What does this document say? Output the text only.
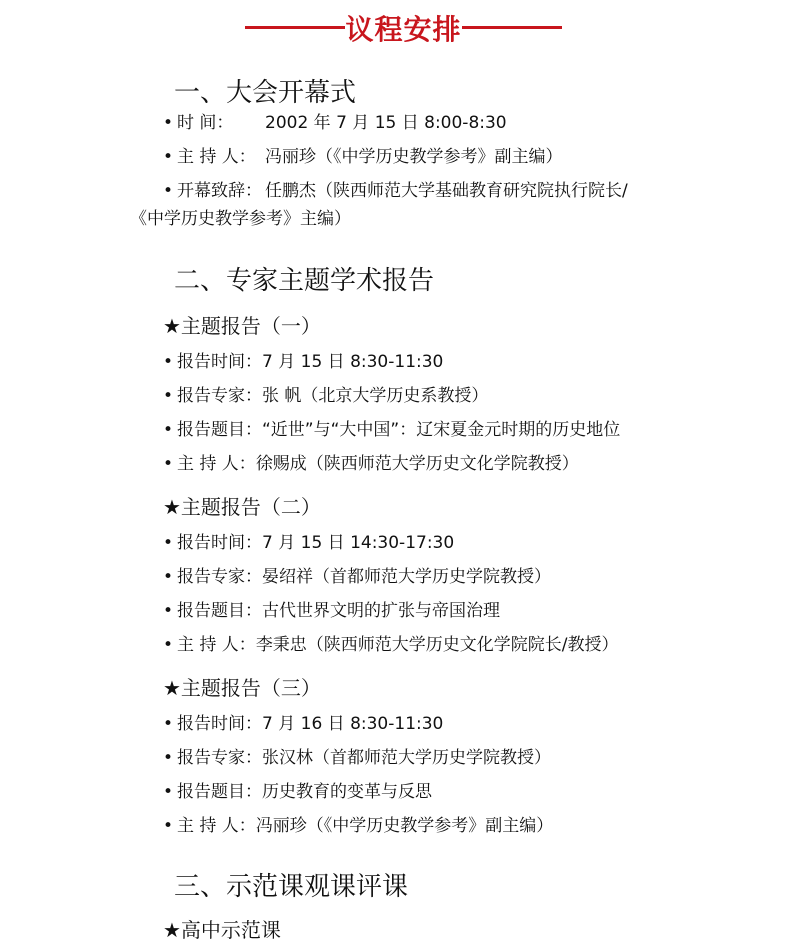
议程安排
一、大会开幕式
• 时 间： 2002 年 7 月 15 日 8:00-8:30
• 主 持 人： 冯丽珍（《中学历史教学参考》副主编）
• 开幕致辞： 任鹏杰（陕西师范大学基础教育研究院执行院长/
《中学历史教学参考》主编）
二、专家主题学术报告
★主题报告（一）
• 报告时间：7 月 15 日 8:30-11:30
• 报告专家：张 帆（北京大学历史系教授）
• 报告题目：“近世”与“大中国”：辽宋夏金元时期的历史地位
• 主 持 人：徐赐成（陕西师范大学历史文化学院教授）
★主题报告（二）
• 报告时间：7 月 15 日 14:30-17:30
• 报告专家：晏绍祥（首都师范大学历史学院教授）
• 报告题目：古代世界文明的扩张与帝国治理
• 主 持 人：李秉忠（陕西师范大学历史文化学院院长/教授）
★主题报告（三）
• 报告时间：7 月 16 日 8:30-11:30
• 报告专家：张汉林（首都师范大学历史学院教授）
• 报告题目：历史教育的变革与反思
• 主 持 人：冯丽珍（《中学历史教学参考》副主编）
三、示范课观课评课
★高中示范课
